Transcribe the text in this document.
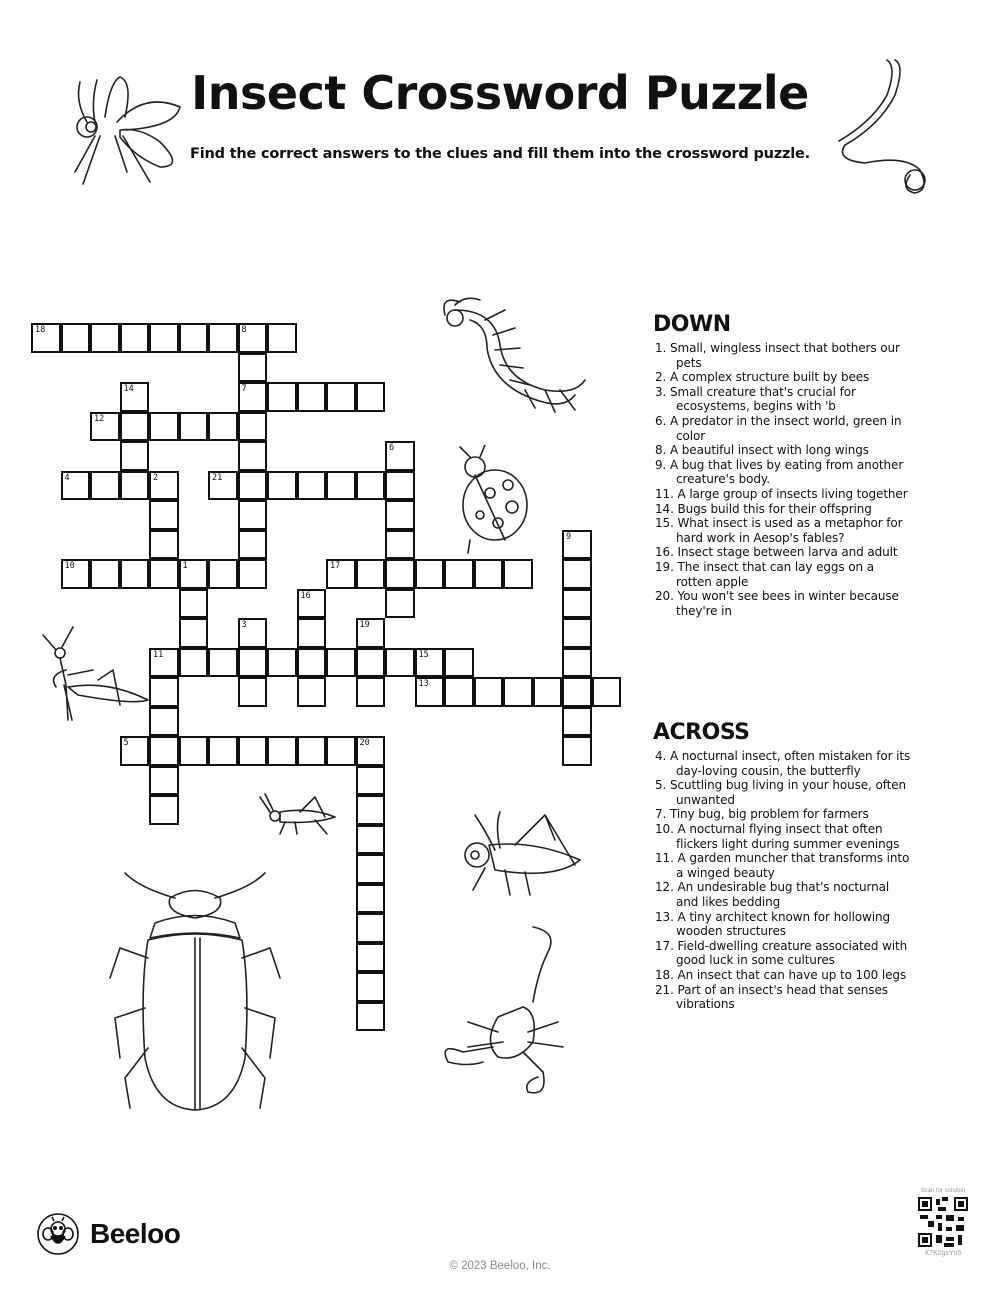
Insect Crossword Puzzle
Find the correct answers to the clues and fill them into the crossword puzzle.
18	8
7
14
12
6
4	2	21
9
10	1	17
16
3	19
11	15
13
5	20
DOWN
1. Small, wingless insect that bothers our pets
2. A complex structure built by bees
3. Small creature that's crucial for ecosystems, begins with 'b
6. A predator in the insect world, green in color
8. A beautiful insect with long wings
9. A bug that lives by eating from another creature's body.
11. A large group of insects living together
14. Bugs build this for their offspring
15. What insect is used as a metaphor for hard work in Aesop's fables?
16. Insect stage between larva and adult
19. The insect that can lay eggs on a rotten apple
20. You won't see bees in winter because they're in
ACROSS
4. A nocturnal insect, often mistaken for its day-loving cousin, the butterfly
5. Scuttling bug living in your house, often unwanted
7. Tiny bug, big problem for farmers
10. A nocturnal flying insect that often flickers light during summer evenings
11. A garden muncher that transforms into a winged beauty
12. An undesirable bug that's nocturnal and likes bedding
13. A tiny architect known for hollowing wooden structures
17. Field-dwelling creature associated with good luck in some cultures
18. An insect that can have up to 100 legs
21. Part of an insect's head that senses vibrations
Beeloo
© 2023 Beeloo, Inc.
Scan for solution
X7K2gzYn5
